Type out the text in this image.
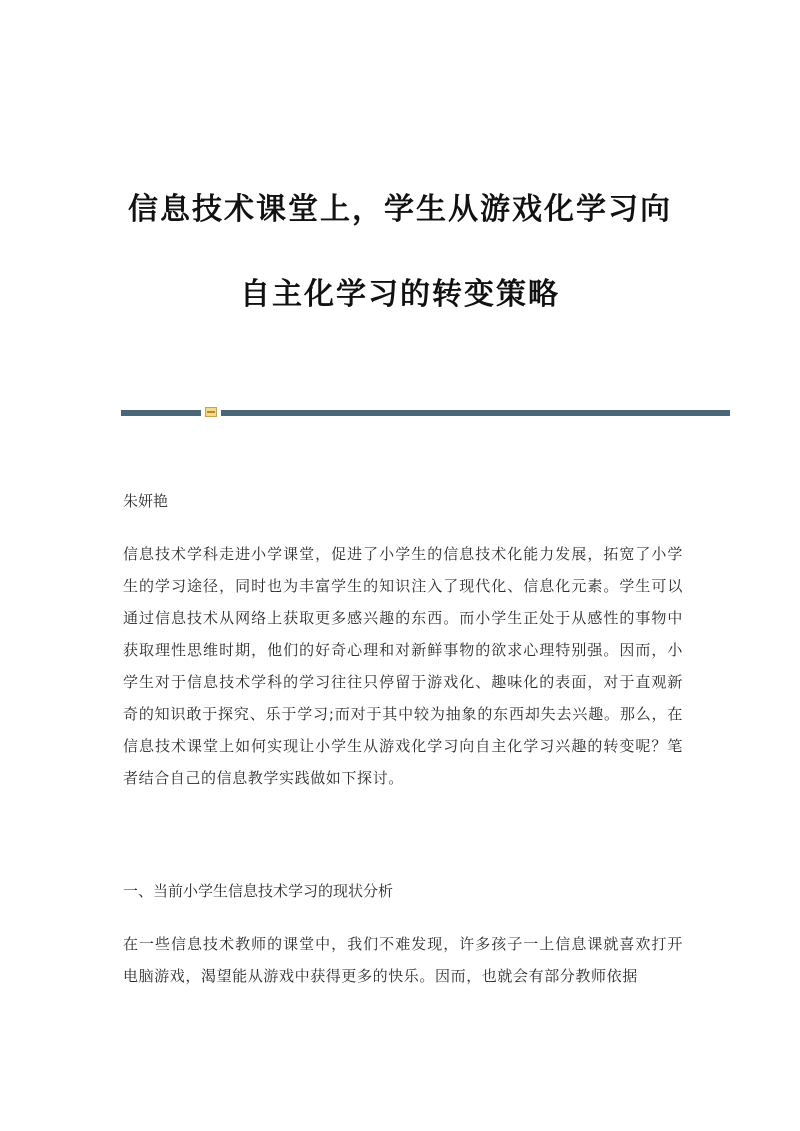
信息技术课堂上，学生从游戏化学习向
自主化学习的转变策略
朱妍艳
信息技术学科走进小学课堂，促进了小学生的信息技术化能力发展，拓宽了小学生的学习途径，同时也为丰富学生的知识注入了现代化、信息化元素。学生可以通过信息技术从网络上获取更多感兴趣的东西。而小学生正处于从感性的事物中获取理性思维时期，他们的好奇心理和对新鲜事物的欲求心理特别强。因而，小学生对于信息技术学科的学习往往只停留于游戏化、趣味化的表面，对于直观新奇的知识敢于探究、乐于学习;而对于其中较为抽象的东西却失去兴趣。那么，在信息技术课堂上如何实现让小学生从游戏化学习向自主化学习兴趣的转变呢？笔者结合自己的信息教学实践做如下探讨。
一、当前小学生信息技术学习的现状分析
在一些信息技术教师的课堂中，我们不难发现，许多孩子一上信息课就喜欢打开电脑游戏，渴望能从游戏中获得更多的快乐。因而，也就会有部分教师依据
